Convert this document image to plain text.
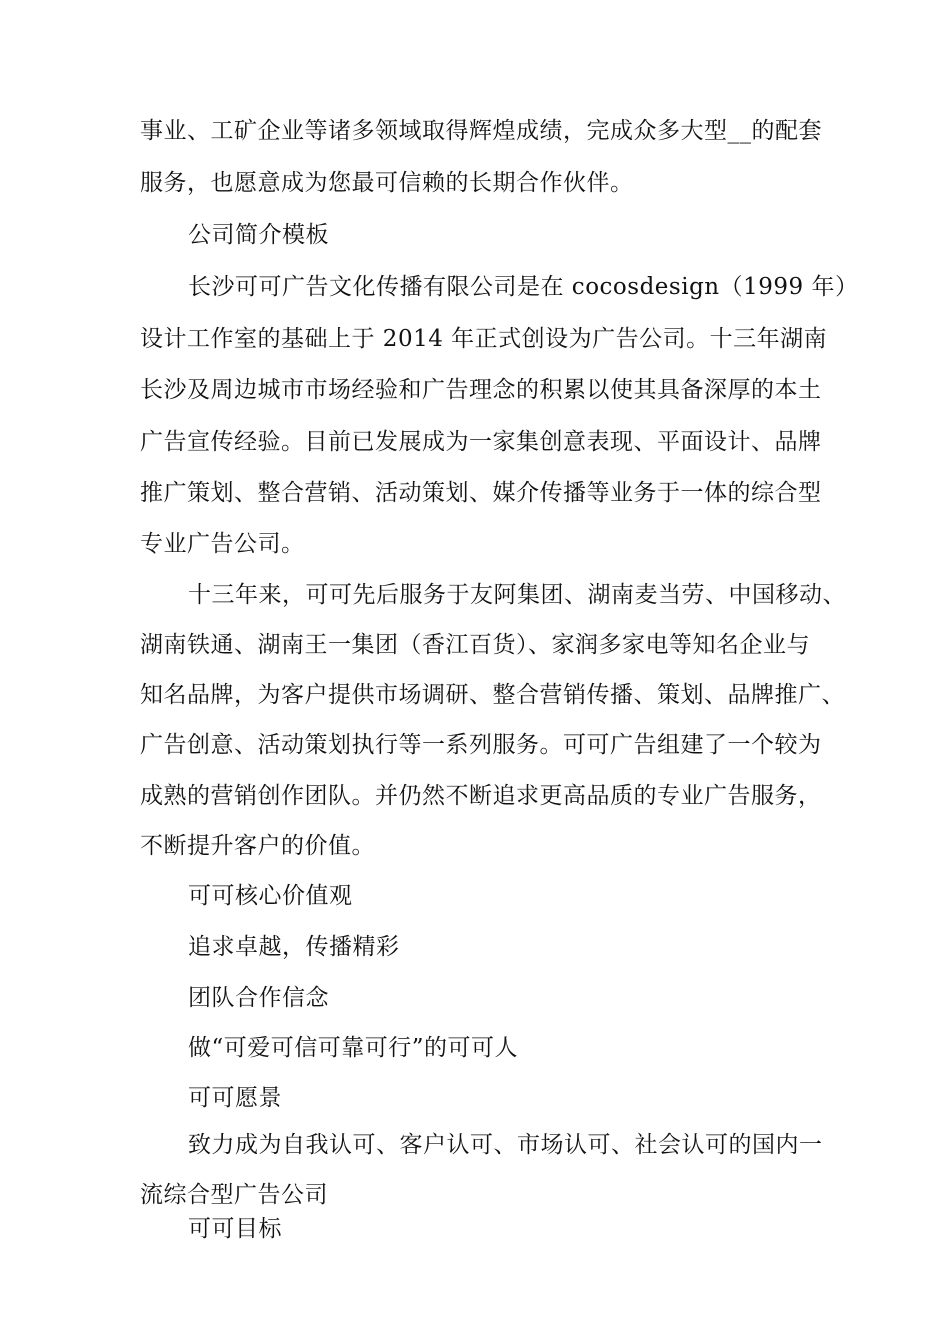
事业、工矿企业等诸多领域取得辉煌成绩，完成众多大型__的配套
服务，也愿意成为您最可信赖的长期合作伙伴。
公司简介模板
长沙可可广告文化传播有限公司是在 cocosdesign（1999 年）
设计工作室的基础上于 2014 年正式创设为广告公司。十三年湖南
长沙及周边城市市场经验和广告理念的积累以使其具备深厚的本土
广告宣传经验。目前已发展成为一家集创意表现、平面设计、品牌
推广策划、整合营销、活动策划、媒介传播等业务于一体的综合型
专业广告公司。
十三年来，可可先后服务于友阿集团、湖南麦当劳、中国移动、
湖南铁通、湖南王一集团（香江百货）、家润多家电等知名企业与
知名品牌，为客户提供市场调研、整合营销传播、策划、品牌推广、
广告创意、活动策划执行等一系列服务。可可广告组建了一个较为
成熟的营销创作团队。并仍然不断追求更高品质的专业广告服务，
不断提升客户的价值。
可可核心价值观
追求卓越，传播精彩
团队合作信念
做“可爱可信可靠可行”的可可人
可可愿景
致力成为自我认可、客户认可、市场认可、社会认可的国内一
流综合型广告公司
可可目标
